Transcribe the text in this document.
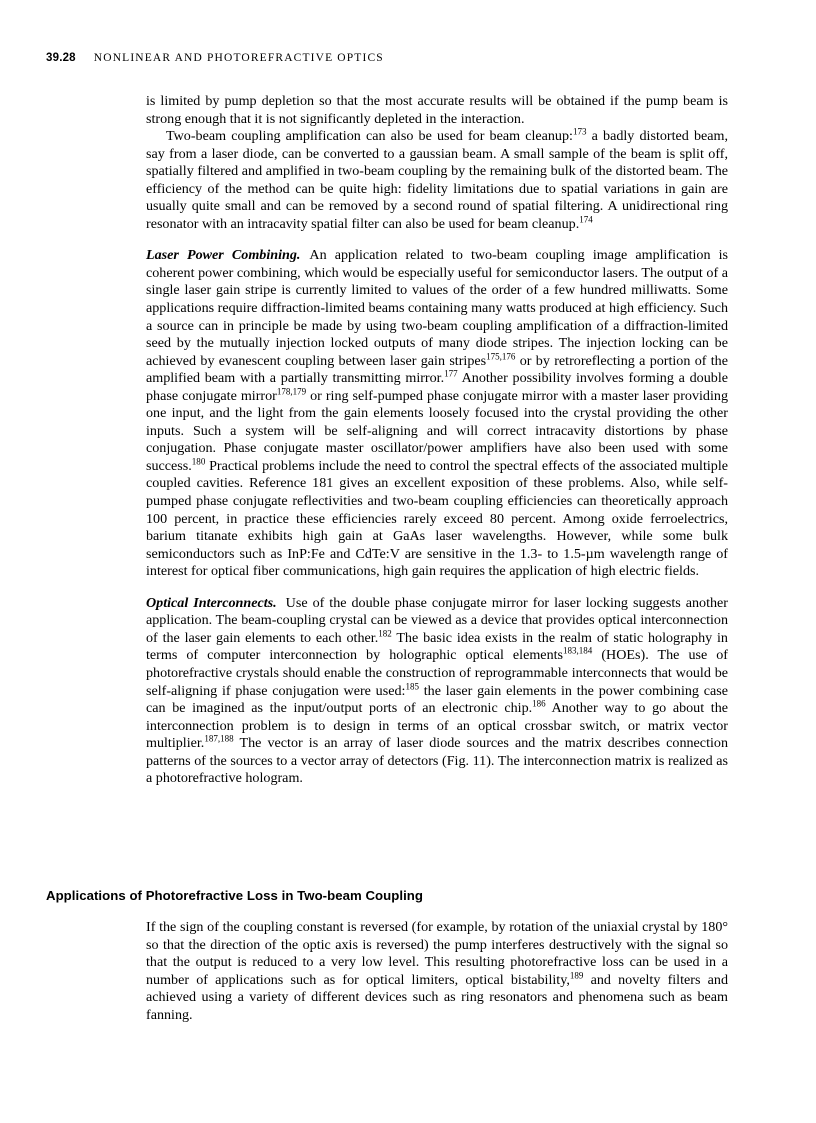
39.28 NONLINEAR AND PHOTOREFRACTIVE OPTICS

is limited by pump depletion so that the most accurate results will be obtained if the pump beam is strong enough that it is not significantly depleted in the interaction.

Two-beam coupling amplification can also be used for beam cleanup:$^{173}$ a badly distorted beam, say from a laser diode, can be converted to a gaussian beam. A small sample of the beam is split off, spatially filtered and amplified in two-beam coupling by the remaining bulk of the distorted beam. The efficiency of the method can be quite high: fidelity limitations due to spatial variations in gain are usually quite small and can be removed by a second round of spatial filtering. A unidirectional ring resonator with an intracavity spatial filter can also be used for beam cleanup.$^{174}$

Laser Power Combining. An application related to two-beam coupling image amplification is coherent power combining, which would be especially useful for semiconductor lasers. The output of a single laser gain stripe is currently limited to values of the order of a few hundred milliwatts. Some applications require diffraction-limited beams containing many watts produced at high efficiency. Such a source can in principle be made by using two-beam coupling amplification of a diffraction-limited seed by the mutually injection locked outputs of many diode stripes. The injection locking can be achieved by evanescent coupling between laser gain stripes$^{175,176}$ or by retroreflecting a portion of the amplified beam with a partially transmitting mirror.$^{177}$ Another possibility involves forming a double phase conjugate mirror$^{178,179}$ or ring self-pumped phase conjugate mirror with a master laser providing one input, and the light from the gain elements loosely focused into the crystal providing the other inputs. Such a system will be self-aligning and will correct intracavity distortions by phase conjugation. Phase conjugate master oscillator/power amplifiers have also been used with some success.$^{180}$ Practical problems include the need to control the spectral effects of the associated multiple coupled cavities. Reference 181 gives an excellent exposition of these problems. Also, while self-pumped phase conjugate reflectivities and two-beam coupling efficiencies can theoretically approach 100 percent, in practice these efficiencies rarely exceed 80 percent. Among oxide ferroelectrics, barium titanate exhibits high gain at GaAs laser wavelengths. However, while some bulk semiconductors such as InP:Fe and CdTe:V are sensitive in the 1.3- to 1.5-µm wavelength range of interest for optical fiber communications, high gain requires the application of high electric fields.

Optical Interconnects. Use of the double phase conjugate mirror for laser locking suggests another application. The beam-coupling crystal can be viewed as a device that provides optical interconnection of the laser gain elements to each other.$^{182}$ The basic idea exists in the realm of static holography in terms of computer interconnection by holographic optical elements$^{183,184}$ (HOEs). The use of photorefractive crystals should enable the construction of reprogrammable interconnects that would be self-aligning if phase conjugation were used:$^{185}$ the laser gain elements in the power combining case can be imagined as the input/output ports of an electronic chip.$^{186}$ Another way to go about the interconnection problem is to design in terms of an optical crossbar switch, or matrix vector multiplier.$^{187,188}$ The vector is an array of laser diode sources and the matrix describes connection patterns of the sources to a vector array of detectors (Fig. 11). The interconnection matrix is realized as a photorefractive hologram.

Applications of Photorefractive Loss in Two-beam Coupling

If the sign of the coupling constant is reversed (for example, by rotation of the uniaxial crystal by 180° so that the direction of the optic axis is reversed) the pump interferes destructively with the signal so that the output is reduced to a very low level. This resulting photorefractive loss can be used in a number of applications such as for optical limiters, optical bistability,$^{189}$ and novelty filters and achieved using a variety of different devices such as ring resonators and phenomena such as beam fanning.
